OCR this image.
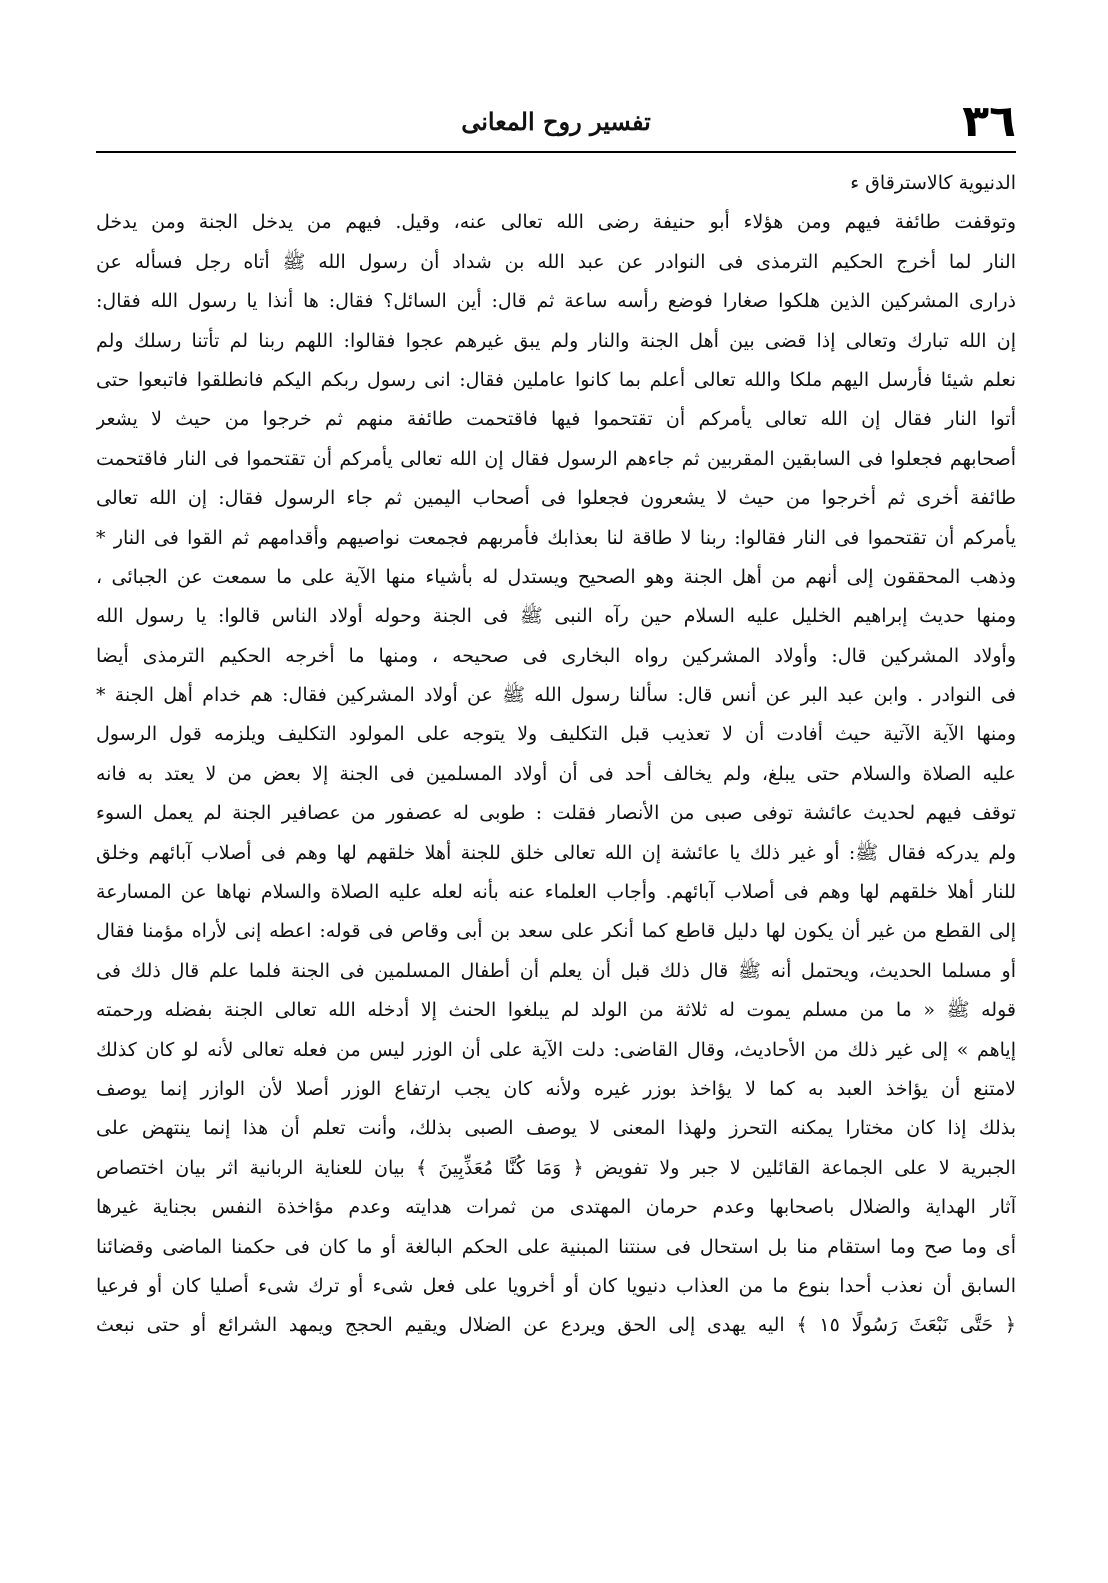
٣٦
تفسير روح المعانى
الدنيوية كالاسترقاق ء
وتوقفت طائفة فيهم ومن هؤلاء أبو حنيفة رضى الله تعالى عنه، وقيل. فيهم من يدخل الجنة ومن يدخل
النار لما أخرج الحكيم الترمذى فى النوادر عن عبد الله بن شداد أن رسول الله ﷺ أتاه رجل فسأله عن
ذرارى المشركين الذين هلكوا صغارا فوضع رأسه ساعة ثم قال: أين السائل؟ فقال: ها أنذا يا رسول الله فقال:
إن الله تبارك وتعالى إذا قضى بين أهل الجنة والنار ولم يبق غيرهم عجوا فقالوا: اللهم ربنا لم تأتنا رسلك ولم
نعلم شيئا فأرسل اليهم ملكا والله تعالى أعلم بما كانوا عاملين فقال: انى رسول ربكم اليكم فانطلقوا فاتبعوا حتى
أتوا النار فقال إن الله تعالى يأمركم أن تقتحموا فيها فاقتحمت طائفة منهم ثم خرجوا من حيث لا يشعر
أصحابهم فجعلوا فى السابقين المقربين ثم جاءهم الرسول فقال إن الله تعالى يأمركم أن تقتحموا فى النار فاقتحمت
طائفة أخرى ثم أخرجوا من حيث لا يشعرون فجعلوا فى أصحاب اليمين ثم جاء الرسول فقال: إن الله تعالى
يأمركم أن تقتحموا فى النار فقالوا: ربنا لا طاقة لنا بعذابك فأمربهم فجمعت نواصيهم وأقدامهم ثم القوا فى النار *
وذهب المحققون إلى أنهم من أهل الجنة وهو الصحيح ويستدل له بأشياء منها الآية على ما سمعت عن الجبائى ،
ومنها حديث إبراهيم الخليل عليه السلام حين رآه النبى ﷺ فى الجنة وحوله أولاد الناس قالوا: يا رسول الله
وأولاد المشركين قال: وأولاد المشركين رواه البخارى فى صحيحه ، ومنها ما أخرجه الحكيم الترمذى أيضا
فى النوادر . وابن عبد البر عن أنس قال: سألنا رسول الله ﷺ عن أولاد المشركين فقال: هم خدام أهل الجنة *
ومنها الآية الآتية حيث أفادت أن لا تعذيب قبل التكليف ولا يتوجه على المولود التكليف ويلزمه قول الرسول
عليه الصلاة والسلام حتى يبلغ، ولم يخالف أحد فى أن أولاد المسلمين فى الجنة إلا بعض من لا يعتد به فانه
توقف فيهم لحديث عائشة توفى صبى من الأنصار فقلت : طوبى له عصفور من عصافير الجنة لم يعمل السوء
ولم يدركه فقال ﷺ: أو غير ذلك يا عائشة إن الله تعالى خلق للجنة أهلا خلقهم لها وهم فى أصلاب آبائهم وخلق
للنار أهلا خلقهم لها وهم فى أصلاب آبائهم. وأجاب العلماء عنه بأنه لعله عليه الصلاة والسلام نهاها عن المسارعة
إلى القطع من غير أن يكون لها دليل قاطع كما أنكر على سعد بن أبى وقاص فى قوله: اعطه إنى لأراه مؤمنا فقال
أو مسلما الحديث، ويحتمل أنه ﷺ قال ذلك قبل أن يعلم أن أطفال المسلمين فى الجنة فلما علم قال ذلك فى
قوله ﷺ « ما من مسلم يموت له ثلاثة من الولد لم يبلغوا الحنث إلا أدخله الله تعالى الجنة بفضله ورحمته
إياهم » إلى غير ذلك من الأحاديث، وقال القاضى: دلت الآية على أن الوزر ليس من فعله تعالى لأنه لو كان كذلك
لامتنع أن يؤاخذ العبد به كما لا يؤاخذ بوزر غيره ولأنه كان يجب ارتفاع الوزر أصلا لأن الوازر إنما يوصف
بذلك إذا كان مختارا يمكنه التحرز ولهذا المعنى لا يوصف الصبى بذلك، وأنت تعلم أن هذا إنما ينتهض على
الجبرية لا على الجماعة القائلين لا جبر ولا تفويض ﴿ وَمَا كُنَّا مُعَذِّبِينَ ﴾ بيان للعناية الربانية اثر بيان اختصاص
آثار الهداية والضلال باصحابها وعدم حرمان المهتدى من ثمرات هدايته وعدم مؤاخذة النفس بجناية غيرها
أى وما صح وما استقام منا بل استحال فى سنتنا المبنية على الحكم البالغة أو ما كان فى حكمنا الماضى وقضائنا
السابق أن نعذب أحدا بنوع ما من العذاب دنيويا كان أو أخرويا على فعل شىء أو ترك شىء أصليا كان أو فرعيا
﴿ حَتَّى نَبْعَثَ رَسُولًا ١٥ ﴾ اليه يهدى إلى الحق ويردع عن الضلال ويقيم الحجج ويمهد الشرائع أو حتى نبعث
